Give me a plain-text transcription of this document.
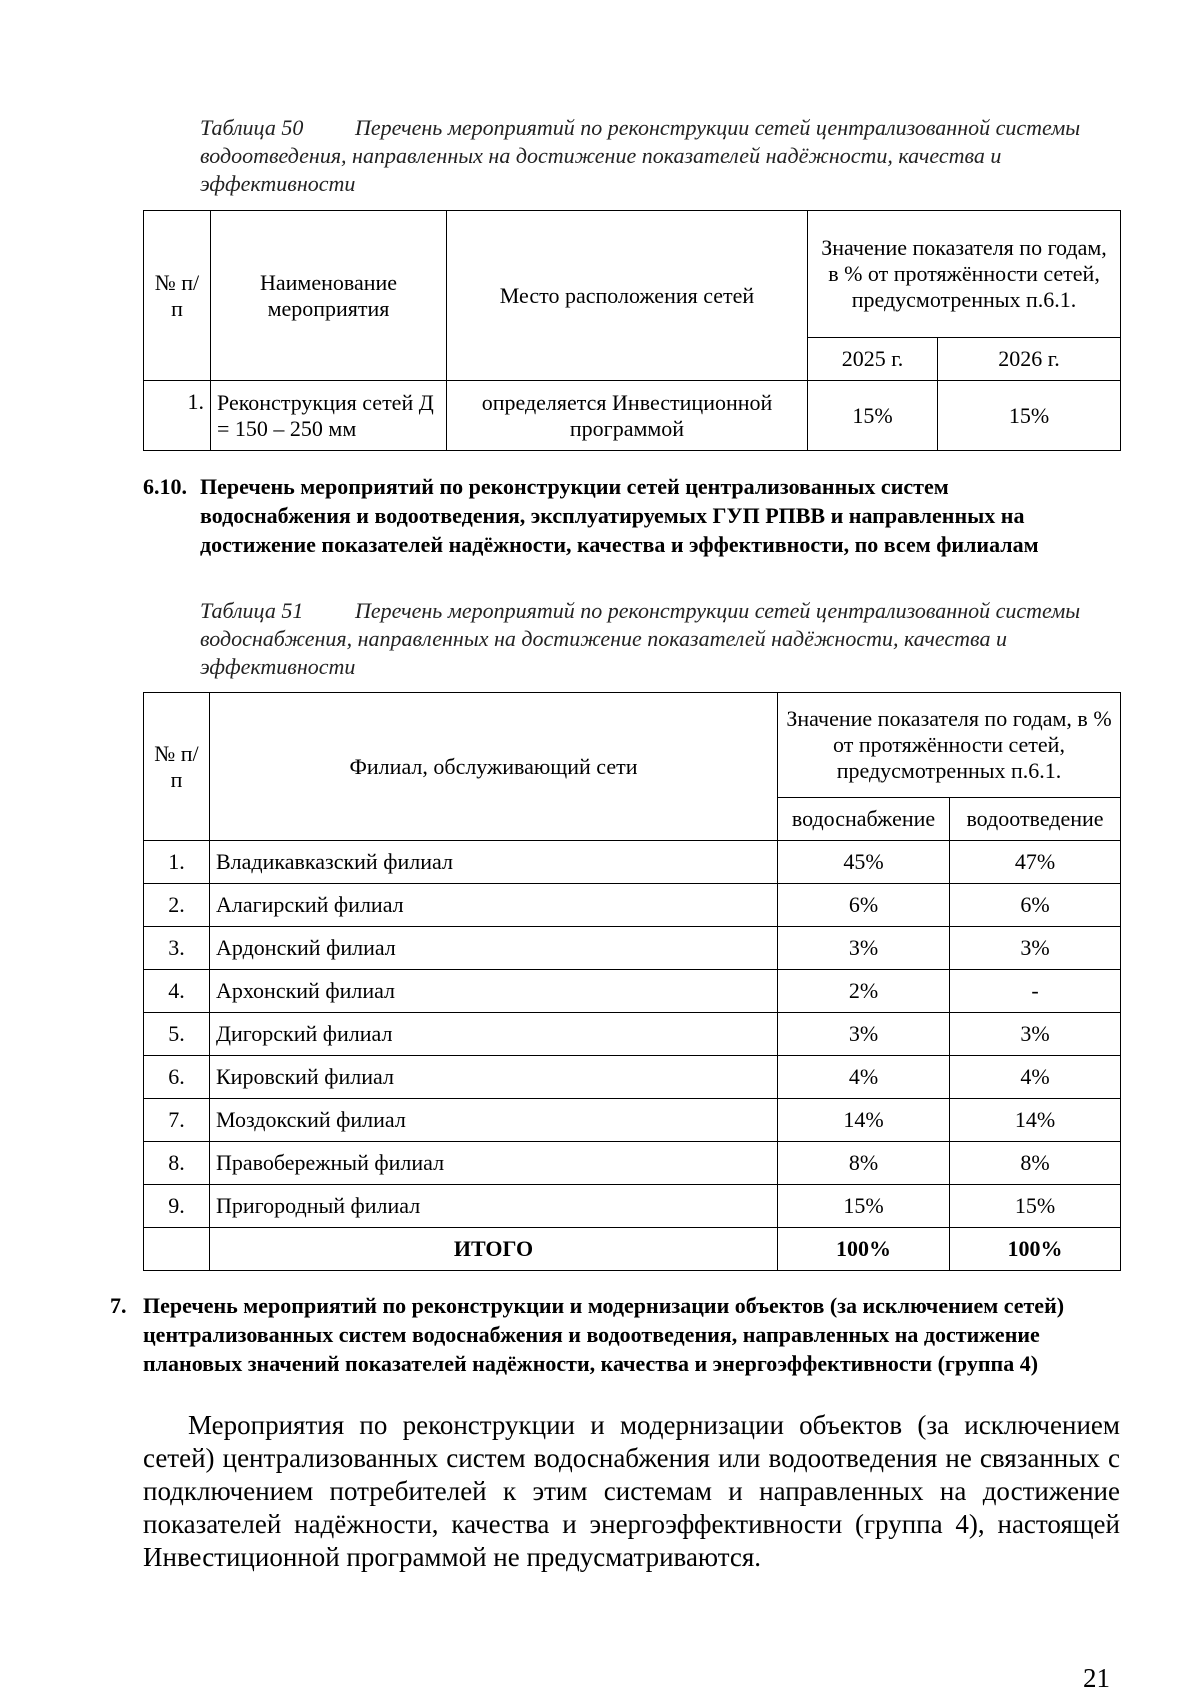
Таблица 50 Перечень мероприятий по реконструкции сетей централизованной системы водоотведения, направленных на достижение показателей надёжности, качества и эффективности
№ п/п	Наименование мероприятия	Место расположения сетей	Значение показателя по годам, в % от протяжённости сетей, предусмотренных п.6.1.	
			2025 г.	2026 г.
1.	Реконструкция сетей Д = 150 – 250 мм	определяется Инвестиционной программой	15%	15%
6.10. Перечень мероприятий по реконструкции сетей централизованных систем водоснабжения и водоотведения, эксплуатируемых ГУП РПВВ и направленных на достижение показателей надёжности, качества и эффективности, по всем филиалам
Таблица 51 Перечень мероприятий по реконструкции сетей централизованной системы водоснабжения, направленных на достижение показателей надёжности, качества и эффективности
№ п/п	Филиал, обслуживающий сети	Значение показателя по годам, в % от протяжённости сетей, предусмотренных п.6.1.	
		водоснабжение	водоотведение
1.	Владикавказский филиал	45%	47%
2.	Алагирский филиал	6%	6%
3.	Ардонский филиал	3%	3%
4.	Архонский филиал	2%	-
5.	Дигорский филиал	3%	3%
6.	Кировский филиал	4%	4%
7.	Моздокский филиал	14%	14%
8.	Правобережный филиал	8%	8%
9.	Пригородный филиал	15%	15%
	ИТОГО	100%	100%
7. Перечень мероприятий по реконструкции и модернизации объектов (за исключением сетей) централизованных систем водоснабжения и водоотведения, направленных на достижение плановых значений показателей надёжности, качества и энергоэффективности (группа 4)
Мероприятия по реконструкции и модернизации объектов (за исключением сетей) централизованных систем водоснабжения или водоотведения не связанных с подключением потребителей к этим системам и направленных на достижение показателей надёжности, качества и энергоэффективности (группа 4), настоящей Инвестиционной программой не предусматриваются.
21
